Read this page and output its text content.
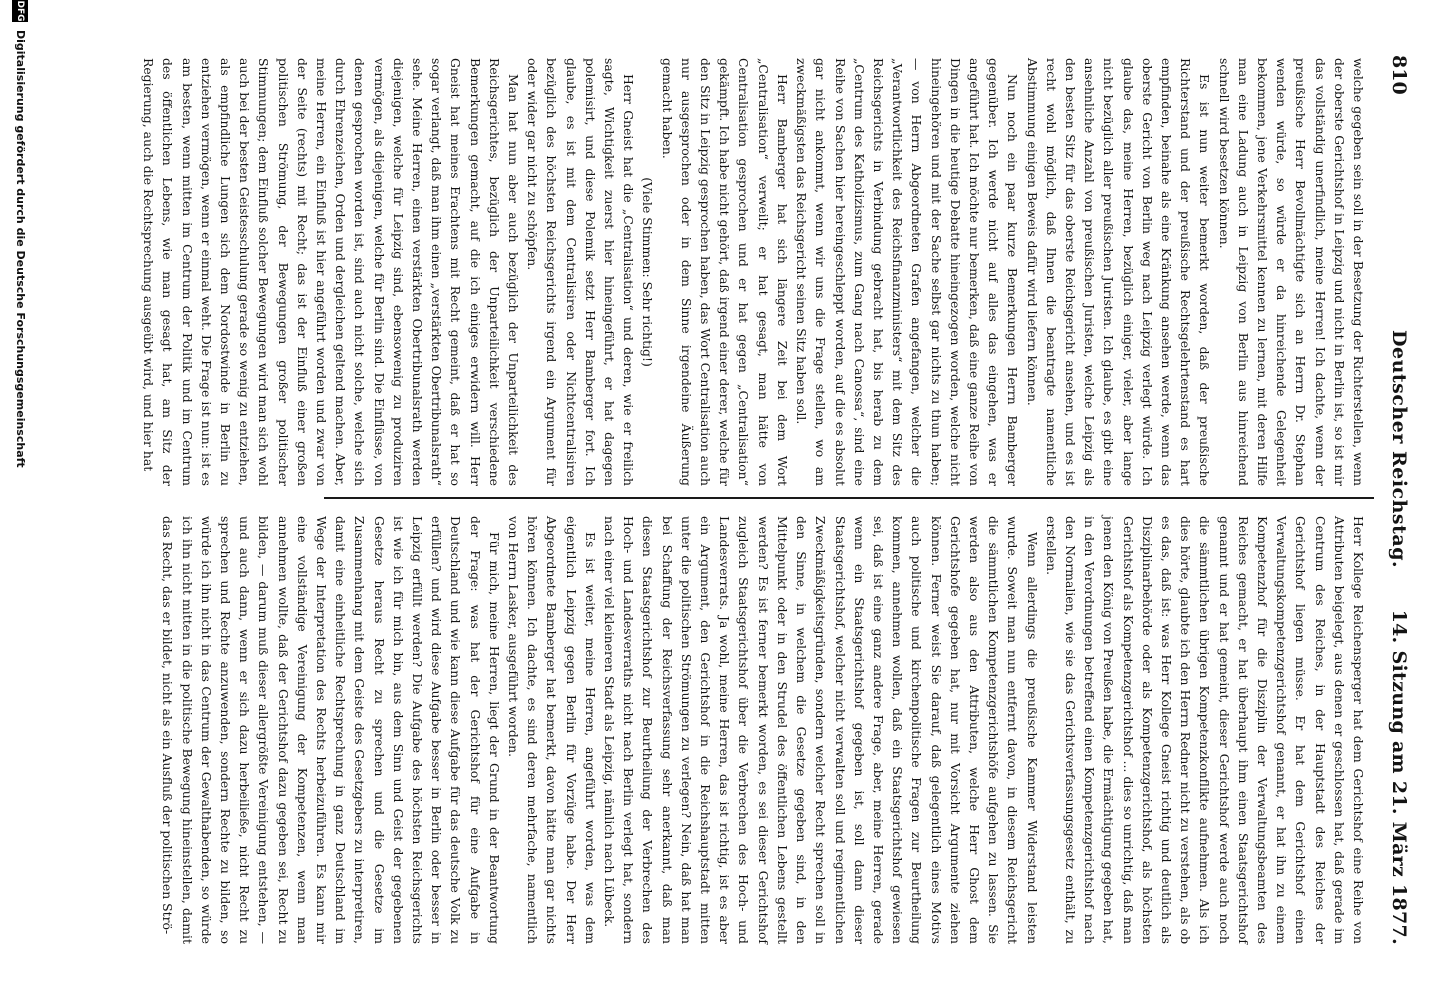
810
Deutscher Reichstag.
14. Sitzung am 21. März 1877.

welche gegeben sein soll in der Besetzung der Richterstellen, wenn der oberste Gerichtshof in Leipzig und nicht in Berlin ist, so ist mir das vollständig unerfindlich, meine Herren! Ich dachte, wenn der preußische Herr Bevollmächtigte sich an Herrn Dr. Stephan wenden würde, so würde er da hinreichende Gelegenheit bekommen, jene Verkehrsmittel kennen zu lernen, mit deren Hilfe man eine Ladung auch in Leipzig von Berlin aus hinreichend schnell wird besetzen können.

Es ist nun weiter bemerkt worden, daß der preußische Richterstand und der preußische Rechtsgelehrtenstand es hart empfinden, beinahe als eine Kränkung ansehen werde, wenn das oberste Gericht von Berlin weg nach Leipzig verlegt würde. Ich glaube das, meine Herren, bezüglich einiger, vieler, aber lange nicht bezüglich aller preußischen Juristen. Ich glaube, es gibt eine ansehnliche Anzahl von preußischen Juristen, welche Leipzig als den besten Sitz für das oberste Reichsgericht ansehen, und es ist recht wohl möglich, daß Ihnen die beantragte namentliche Abstimmung einigen Beweis dafür wird liefern können.

Nun noch ein paar kurze Bemerkungen Herrn Bamberger gegenüber. Ich werde nicht auf alles das eingehen, was er angeführt hat. Ich möchte nur bemerken, daß eine ganze Reihe von Dingen in die heutige Debatte hineingezogen worden, welche nicht hineingehören und mit der Sache selbst gar nichts zu thun haben; — von Herrn Abgeordneten Grafen angefangen, welcher die „Verantwortlichkeit des Reichsfinanzministers“ mit dem Sitz des Reichsgerichts in Verbindung gebracht hat, bis herab zu dem „Centrum des Katholizismus, zum Gang nach Canossa“, sind eine Reihe von Sachen hier hereingeschleppt worden, auf die es absolut gar nicht ankommt, wenn wir uns die Frage stellen, wo am zweckmäßigsten das Reichsgericht seinen Sitz haben soll.

Herr Bamberger hat sich längere Zeit bei dem Wort „Centralisation“ verweilt; er hat gesagt, man hätte von Centralisation gesprochen und er hat gegen „Centralisation“ gekämpft. Ich habe nicht gehört, daß irgend einer derer, welche für den Sitz in Leipzig gesprochen haben, das Wort Centralisation auch nur ausgesprochen oder in dem Sinne irgendeine Äußerung gemacht haben.

(Viele Stimmen: Sehr richtig!)

Herr Gneist hat die „Centralisation“ und deren, wie er freilich sagte, Wichtigkeit zuerst hier hineingeführt, er hat dagegen polemisirt, und diese Polemik setzt Herr Bamberger fort. Ich glaube, es ist mit dem Centralisiren oder Nichtcentralisiren bezüglich des höchsten Reichsgerichts irgend ein Argument für oder wider gar nicht zu schöpfen.

Man hat nun aber auch bezüglich der Unparteilichkeit des Reichsgerichtes, bezüglich der Unparteilichkeit verschiedene Bemerkungen gemacht, auf die ich einiges erwidern will. Herr Gneist hat meines Erachtens mit Recht gemeint, daß er hat so sogar verlangt, daß man ihm einen „verstärkten Obertribunalsrath“ sehe. Meine Herren, einen verstärkten Obertribunalsrath werden diejenigen, welche für Leipzig sind, ebensowenig zu produziren vermögen, als diejenigen, welche für Berlin sind. Die Einflüsse, von denen gesprochen worden ist, sind auch nicht solche, welche sich durch Ehrenzeichen, Orden und dergleichen geltend machen. Aber, meine Herren, ein Einfluß ist hier angeführt worden und zwar von der Seite (rechts) mit Recht; das ist der Einfluß einer großen politischen Strömung, der Bewegungen großer politischer Stimmungen; dem Einfluß solcher Bewegungen wird man sich wohl auch bei der besten Geistesschulung gerade so wenig zu entziehen, als empfindliche Lungen sich dem Nordostwinde in Berlin zu entziehen vermögen, wenn er einmal weht. Die Frage ist nun: ist es am besten, wenn mitten im Centrum der Politik und im Centrum des öffentlichen Lebens, wie man gesagt hat, am Sitz der Regierung, auch die Rechtsprechung ausgeübt wird, und hier hat

Herr Kollege Reichensperger hat dem Gerichtshof eine Reihe von Attributen beigelegt, aus denen er geschlossen hat, daß gerade im Centrum des Reiches, in der Hauptstadt des Reiches der Gerichtshof liegen müsse. Er hat dem Gerichtshof einen Verwaltungskompetenzgerichtshof genannt, er hat ihn zu einem Kompetenzhof für die Disziplin der Verwaltungsbeamten des Reiches gemacht, er hat überhaupt ihm einen Staatsgerichtshof genannt und er hat gemeint, dieser Gerichtshof werde auch noch die sämmtlichen übrigen Kompetenzkonflikte aufnehmen. Als ich dies hörte, glaubte ich den Herrn Redner nicht zu verstehen, als ob es das, daß ist: was Herr Kollege Gneist richtig und deutlich als Disziplinarbehörde oder als Kompetenzgerichtshof, als höchsten Gerichtshof als Kompetenzgerichtshof ... dies so unrichtig, daß man jenen den König von Preußen habe, die Ermächtigung gegeben hat, in den Verordnungen betreffend einen Kompetenzgerichtshof nach den Normalien, wie sie das Gerichtsverfassungsgesetz enthält, zu erstellen.

Wenn allerdings die preußische Kammer Widerstand leisten wurde. Soweit man nun entfernt davon, in diesem Reichsgericht die sämmtlichen Kompetenzgerichtshöfe aufgehen zu lassen. Sie werden also aus den Attributen, welche Herr Ghost dem Gerichtshofe gegeben hat, nur mit Vorsicht Argumente ziehen können. Ferner weist Sie darauf, daß gelegentlich eines Motivs auch politische und kirchenpolitische Fragen zur Beurtheilung kommen, annehmen wollen, daß ein Staatsgerichtshof gewiesen sei, daß ist eine ganz andere Frage, aber, meine Herren, gerade wenn ein Staatsgerichtshof gegeben ist, soll dann dieser Staatsgerichtshof, welcher nicht verwalten soll und regimentlichen Zweckmäßigkeitsgründen, sondern welcher Recht sprechen soll in den Sinne, in welchem die Gesetze gegeben sind, in den Mittelpunkt oder in den Strudel des öffentlichen Lebens gestellt werden? Es ist ferner bemerkt worden, es sei dieser Gerichtshof zugleich Staatsgerichtshof über die Verbrechen des Hoch- und Landesverrats. Ja wohl, meine Herren, das ist richtig, ist es aber ein Argument, den Gerichtshof in die Reichshauptstadt mitten unter die politischen Strömungen zu verlegen? Nein, daß hat man bei Schaffung der Reichsverfassung sehr anerkannt, daß man diesen Staatsgerichtshof zur Beurtheilung der Verbrechen des Hoch- und Landesverraths nicht nach Berlin verlegt hat, sondern nach einer viel kleineren Stadt als Leipzig, nämlich nach Lübeck.

Es ist weiter, meine Herren, angeführt worden, was dem eigentlich Leipzig gegen Berlin für Vorzüge habe. Der Herr Abgeordnete Bamberger hat bemerkt, davon hätte man gar nichts hören können. Ich dachte, es sind deren mehrfache, namentlich von Herrn Lasker, ausgeführt worden.

Für mich, meine Herren, liegt der Grund in der Beantwortung der Frage: was hat der Gerichtshof für eine Aufgabe in Deutschland und wie kann diese Aufgabe für das deutsche Volk zu erfüllen? und wird diese Aufgabe besser in Berlin oder besser in Leipzig erfüllt werden? Die Aufgabe des höchsten Reichsgerichts ist wie ich für mich bin, aus dem Sinn und Geist der gegebenen Gesetze heraus Recht zu sprechen und die Gesetze im Zusammenhang mit dem Geiste des Gesetzgebers zu interpretiren, damit eine einheitliche Rechtsprechung in ganz Deutschland im Wege der Interpretation des Rechts herbeizuführen. Es kann mir eine vollständige Vereinigung der Kompetenzen, wenn man annehmen wollte, daß der Gerichtshof dazu gegeben sei, Recht zu bilden, — darum muß dieser allergrößte Vereinigung entstehen, — und auch dann, wenn er sich dazu herbeiließe, nicht Recht zu sprechen und Rechte anzuwenden, sondern Rechte zu bilden, so würde ich ihn nicht in das Centrum der Gewalthabenden, so würde ich ihn nicht mitten in die politische Bewegung hineinstellen, damit das Recht, das er bildet, nicht als ein Ausfluß der politischen Strö-

DFG
Digitalisierung gefördert durch die Deutsche Forschungsgemeinschaft
